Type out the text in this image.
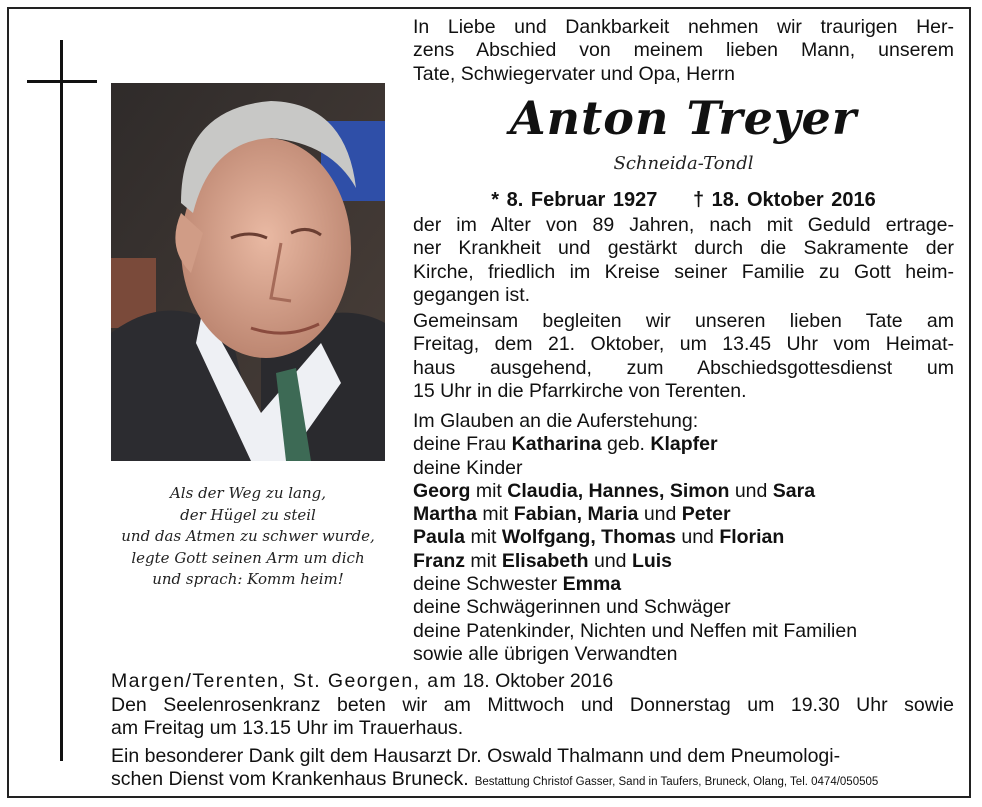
Als der Weg zu lang,
der Hügel zu steil
und das Atmen zu schwer wurde,
legte Gott seinen Arm um dich
und sprach: Komm heim!
In Liebe und Dankbarkeit nehmen wir traurigen Her-
zens Abschied von meinem lieben Mann, unserem
Tate, Schwiegervater und Opa, Herrn
Anton Treyer
Schneida-Tondl
* 8. Februar 1927 † 18. Oktober 2016
der im Alter von 89 Jahren, nach mit Geduld ertrage-
ner Krankheit und gestärkt durch die Sakramente der
Kirche, friedlich im Kreise seiner Familie zu Gott heim-
gegangen ist.
Gemeinsam begleiten wir unseren lieben Tate am
Freitag, dem 21. Oktober, um 13.45 Uhr vom Heimat-
haus ausgehend, zum Abschiedsgottesdienst um
15 Uhr in die Pfarrkirche von Terenten.
Im Glauben an die Auferstehung:
deine Frau Katharina geb. Klapfer
deine Kinder
Georg mit Claudia, Hannes, Simon und Sara
Martha mit Fabian, Maria und Peter
Paula mit Wolfgang, Thomas und Florian
Franz mit Elisabeth und Luis
deine Schwester Emma
deine Schwägerinnen und Schwäger
deine Patenkinder, Nichten und Neffen mit Familien
sowie alle übrigen Verwandten
Margen/Terenten, St. Georgen, am 18. Oktober 2016
Den Seelenrosenkranz beten wir am Mittwoch und Donnerstag um 19.30 Uhr sowie
am Freitag um 13.15 Uhr im Trauerhaus.
Ein besonderer Dank gilt dem Hausarzt Dr. Oswald Thalmann und dem Pneumologi-
schen Dienst vom Krankenhaus Bruneck. Bestattung Christof Gasser, Sand in Taufers, Bruneck, Olang, Tel. 0474/050505
